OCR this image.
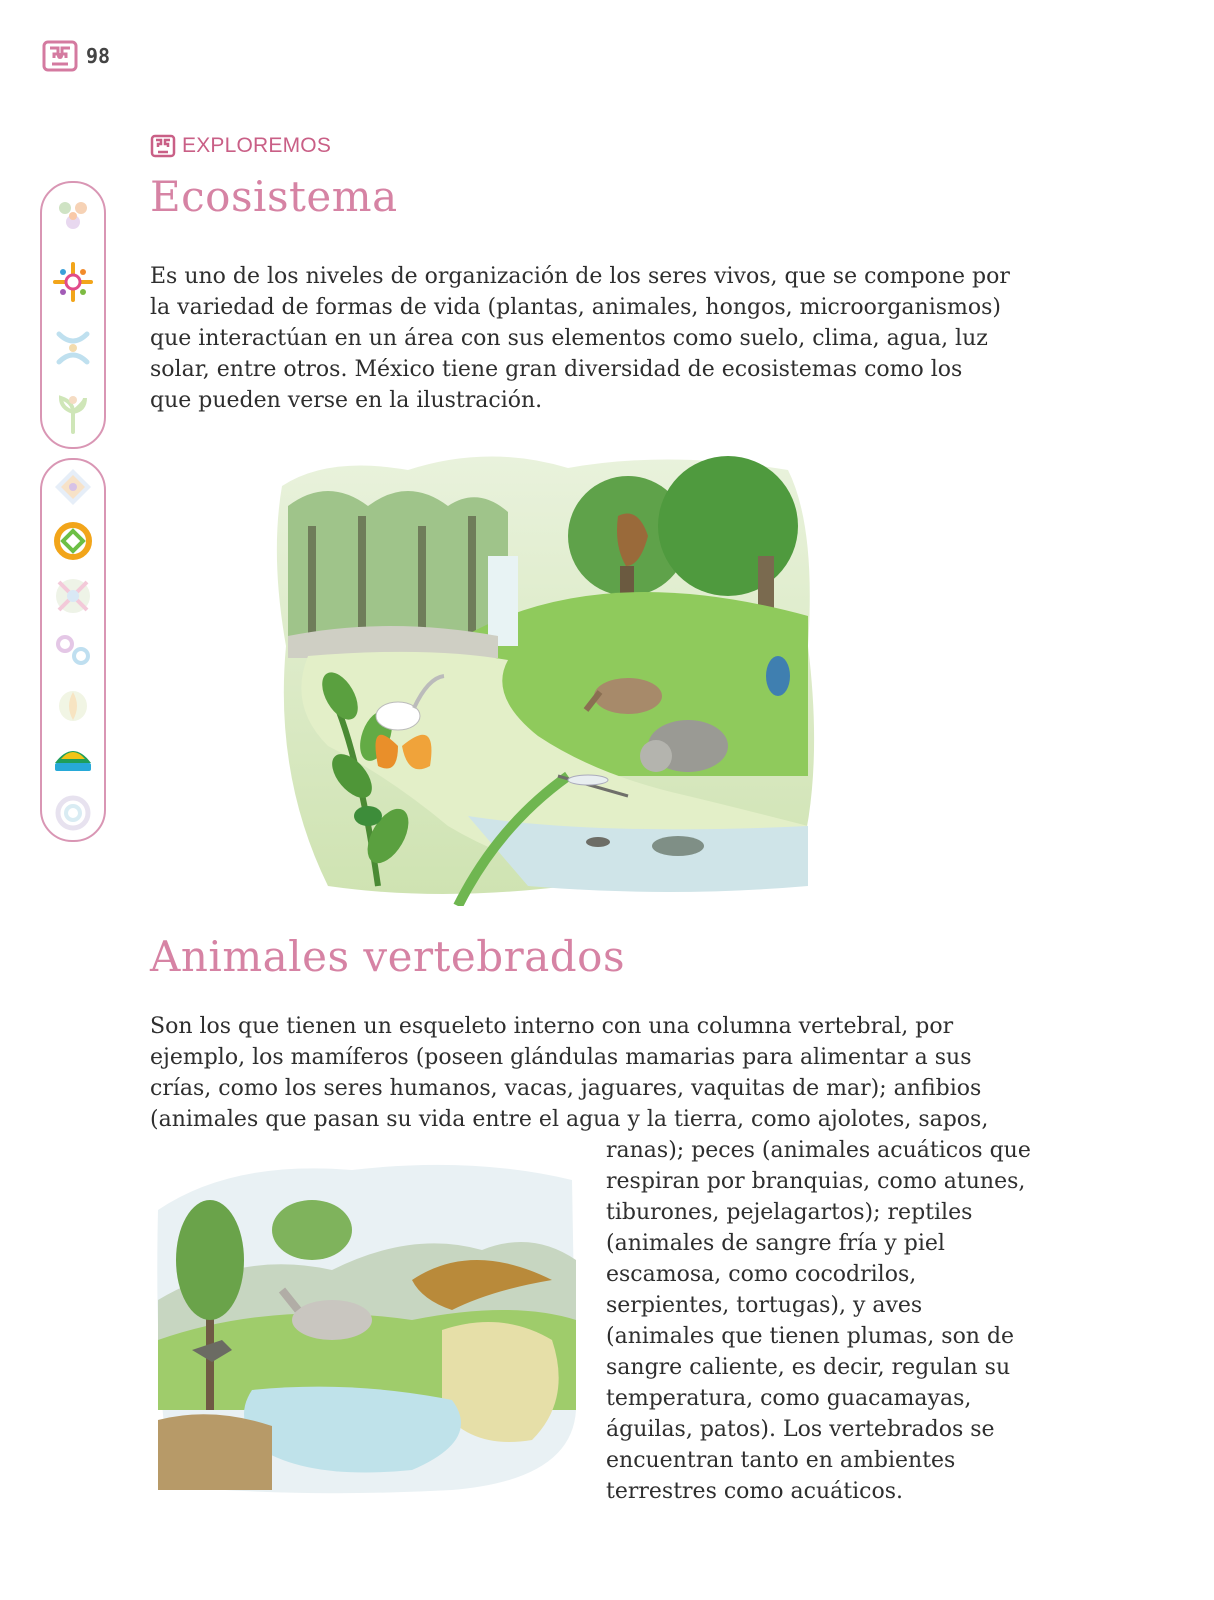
98
EXPLOREMOS
Ecosistema

Es uno de los niveles de organización de los seres vivos, que se compone por la variedad de formas de vida (plantas, animales, hongos, microorganismos) que interactúan en un área con sus elementos como suelo, clima, agua, luz solar, entre otros. México tiene gran diversidad de ecosistemas como los que pueden verse en la ilustración.

Animales vertebrados

Son los que tienen un esqueleto interno con una columna vertebral, por ejemplo, los mamíferos (poseen glándulas mamarias para alimentar a sus crías, como los seres humanos, vacas, jaguares, vaquitas de mar); anfibios (animales que pasan su vida entre el agua y la tierra, como ajolotes, sapos,

ranas); peces (animales acuáticos que respiran por branquias, como atunes, tiburones, pejelagartos); reptiles (animales de sangre fría y piel escamosa, como cocodrilos, serpientes, tortugas), y aves (animales que tienen plumas, son de sangre caliente, es decir, regulan su temperatura, como guacamayas, águilas, patos). Los vertebrados se encuentran tanto en ambientes terrestres como acuáticos.
